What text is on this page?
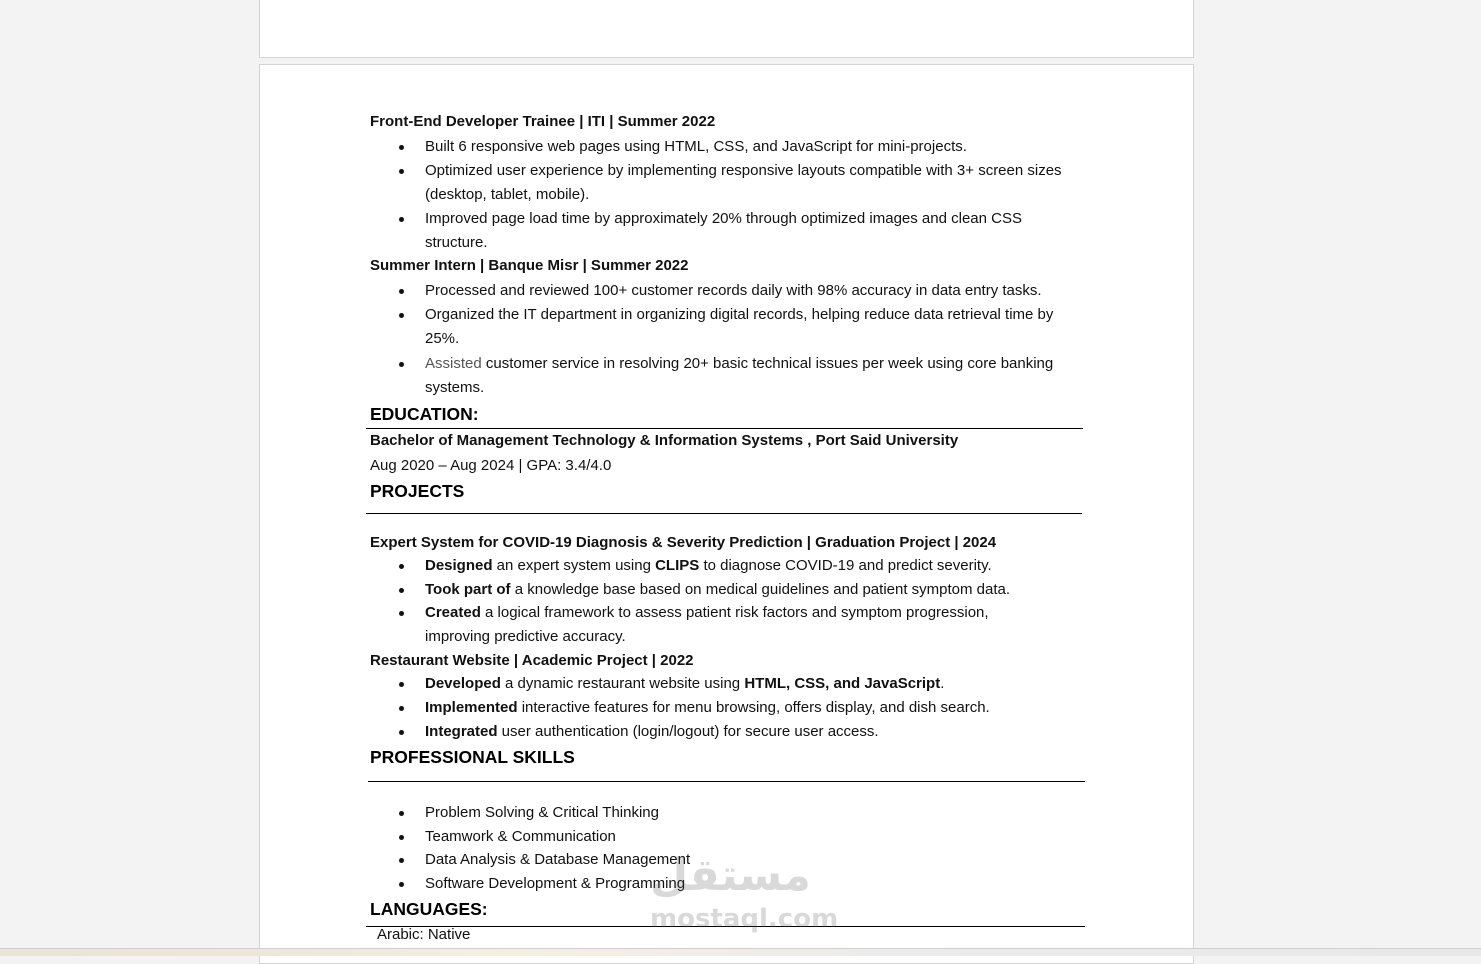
Front-End Developer Trainee | ITI | Summer 2022
Built 6 responsive web pages using HTML, CSS, and JavaScript for mini-projects.
Optimized user experience by implementing responsive layouts compatible with 3+ screen sizes
(desktop, tablet, mobile).
Improved page load time by approximately 20% through optimized images and clean CSS
structure.
Summer Intern | Banque Misr | Summer 2022
Processed and reviewed 100+ customer records daily with 98% accuracy in data entry tasks.
Organized the IT department in organizing digital records, helping reduce data retrieval time by
25%.
Assisted customer service in resolving 20+ basic technical issues per week using core banking
systems.
EDUCATION:
Bachelor of Management Technology & Information Systems , Port Said University
Aug 2020 – Aug 2024 | GPA: 3.4/4.0
PROJECTS
Expert System for COVID-19 Diagnosis & Severity Prediction | Graduation Project | 2024
Designed an expert system using CLIPS to diagnose COVID-19 and predict severity.
Took part of a knowledge base based on medical guidelines and patient symptom data.
Created a logical framework to assess patient risk factors and symptom progression,
improving predictive accuracy.
Restaurant Website | Academic Project | 2022
Developed a dynamic restaurant website using HTML, CSS, and JavaScript.
Implemented interactive features for menu browsing, offers display, and dish search.
Integrated user authentication (login/logout) for secure user access.
PROFESSIONAL SKILLS
Problem Solving & Critical Thinking
Teamwork & Communication
Data Analysis & Database Management
Software Development & Programming
LANGUAGES:
Arabic: Native
مستقل
mostaql.com
